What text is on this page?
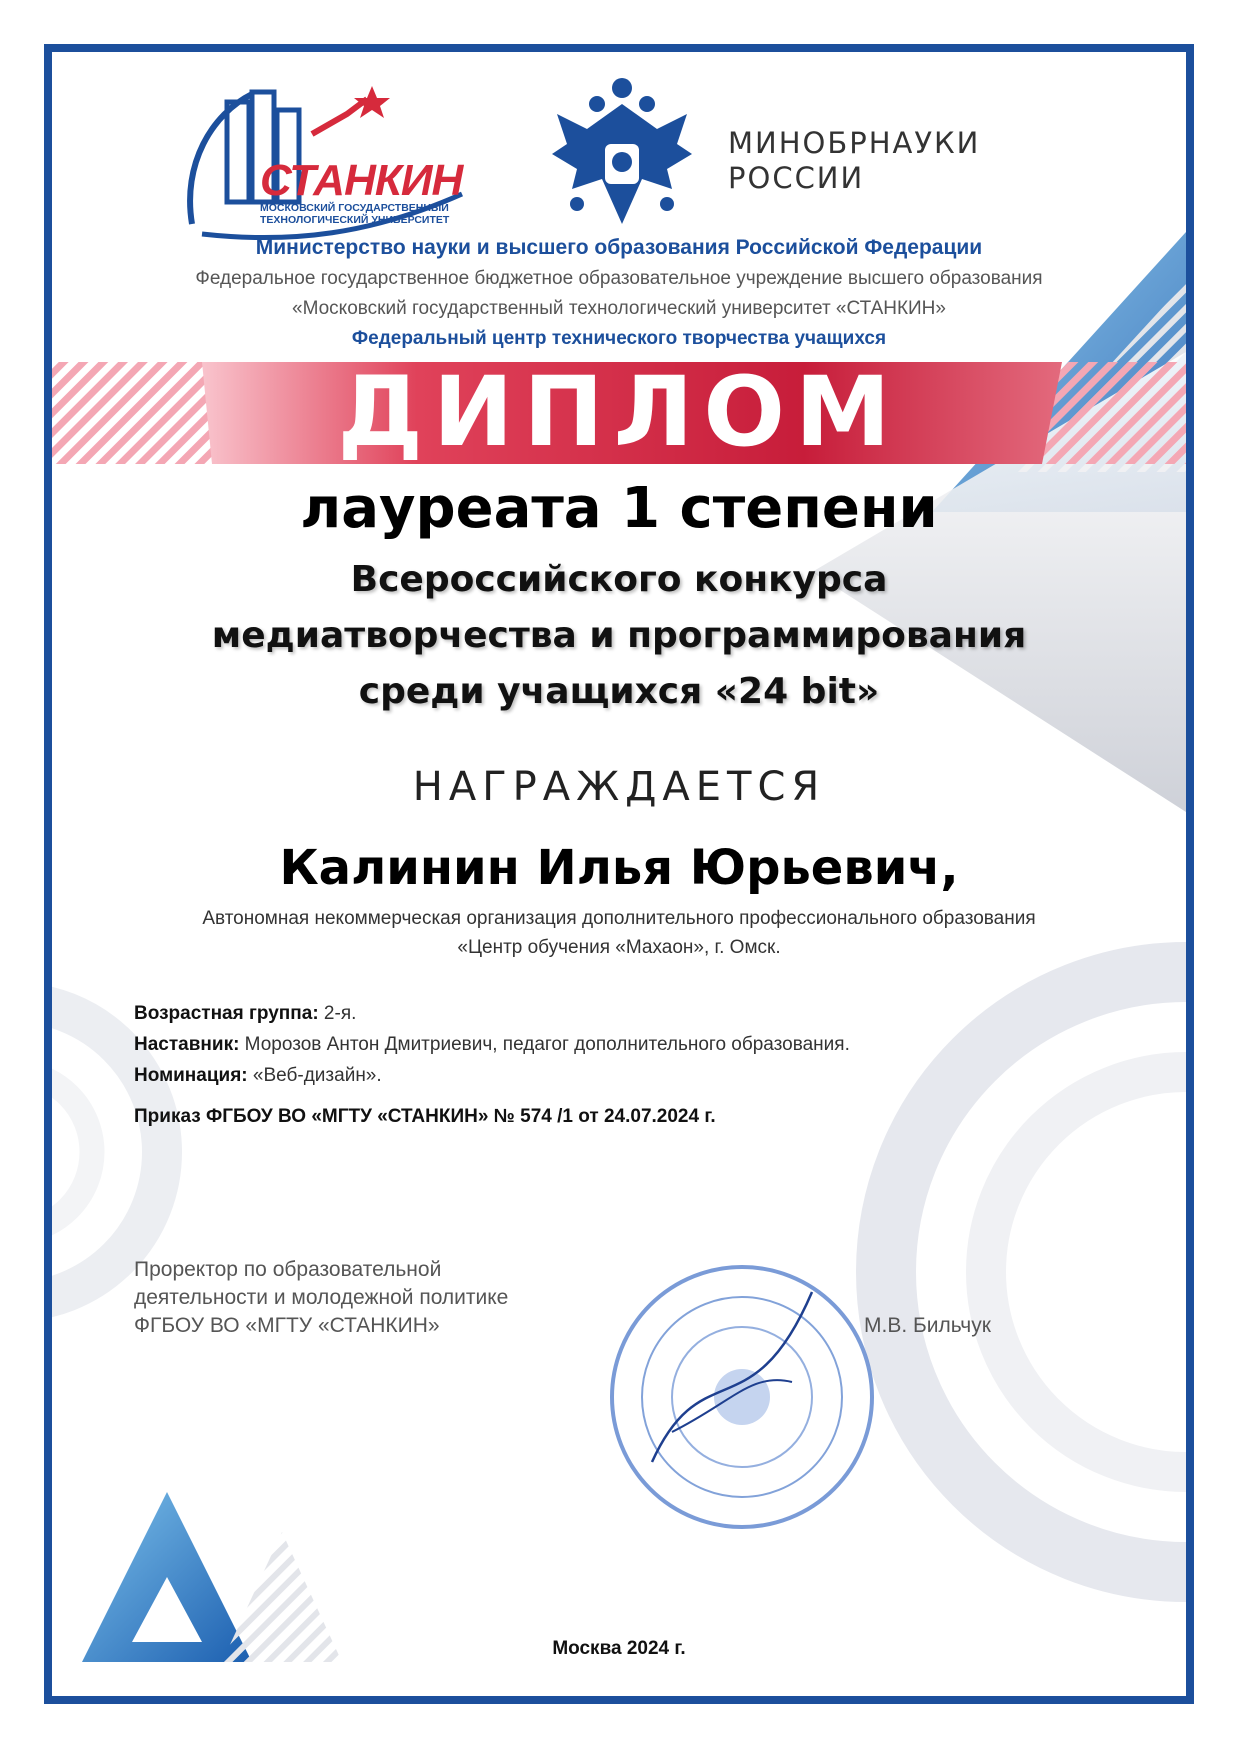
СТАНКИН
МОСКОВСКИЙ ГОСУДАРСТВЕННЫЙ
ТЕХНОЛОГИЧЕСКИЙ УНИВЕРСИТЕТ
МИНОБРНАУКИ
РОССИИ
Министерство науки и высшего образования Российской Федерации
Федеральное государственное бюджетное образовательное учреждение высшего образования
«Московский государственный технологический университет «СТАНКИН»
Федеральный центр технического творчества учащихся
ДИПЛОМ
лауреата 1 степени
Всероссийского конкурса
медиатворчества и программирования
среди учащихся «24 bit»
НАГРАЖДАЕТСЯ
Калинин Илья Юрьевич,
Автономная некоммерческая организация дополнительного профессионального образования
«Центр обучения «Махаон», г. Омск.
Возрастная группа: 2-я.
Наставник: Морозов Антон Дмитриевич, педагог дополнительного образования.
Номинация: «Веб-дизайн».
Приказ ФГБОУ ВО «МГТУ «СТАНКИН» № 574 /1 от 24.07.2024 г.
Проректор по образовательной
деятельности и молодежной политике
ФГБОУ ВО «МГТУ «СТАНКИН»	М.В. Бильчук
Москва 2024 г.
